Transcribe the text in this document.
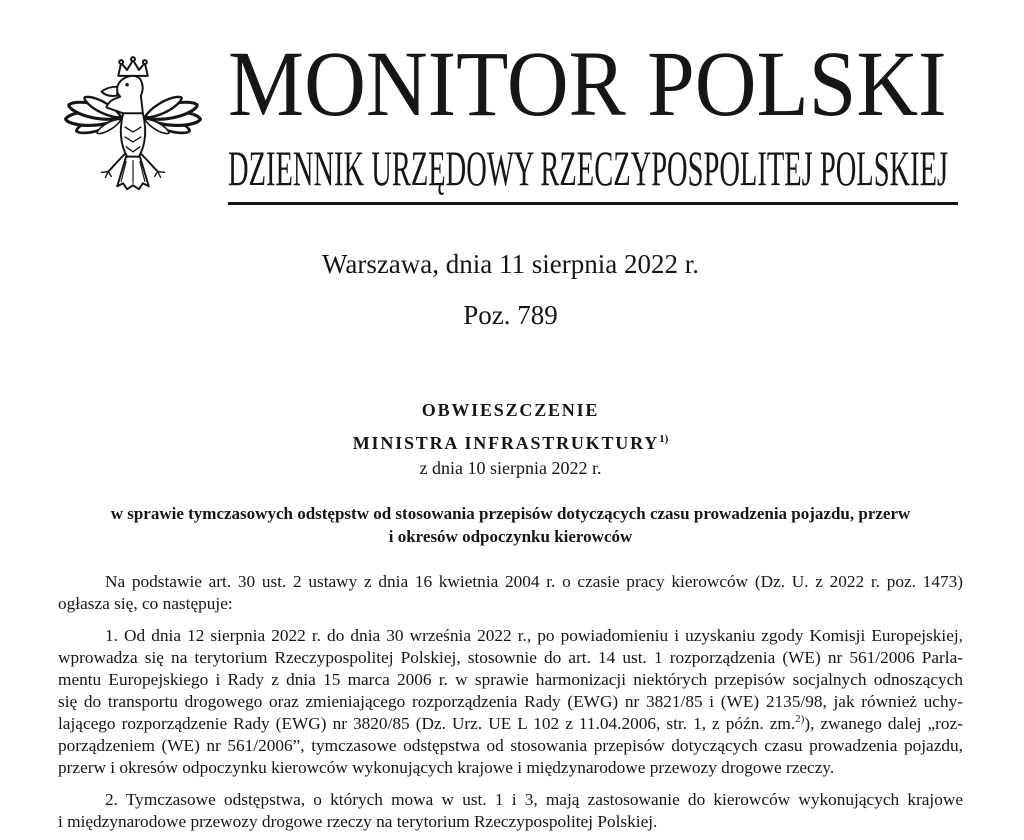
MONITOR POLSKI
DZIENNIK URZĘDOWY RZECZYPOSPOLITEJ POLSKIEJ
Warszawa, dnia 11 sierpnia 2022 r.
Poz. 789
OBWIESZCZENIE
MINISTRA INFRASTRUKTURY$^{1)}$
z dnia 10 sierpnia 2022 r.
w sprawie tymczasowych odstępstw od stosowania przepisów dotyczących czasu prowadzenia pojazdu, przerw
i okresów odpoczynku kierowców
Na podstawie art. 30 ust. 2 ustawy z dnia 16 kwietnia 2004 r. o czasie pracy kierowców (Dz. U. z 2022 r. poz. 1473)
ogłasza się, co następuje:
1. Od dnia 12 sierpnia 2022 r. do dnia 30 września 2022 r., po powiadomieniu i uzyskaniu zgody Komisji Europejskiej,
wprowadza się na terytorium Rzeczypospolitej Polskiej, stosownie do art. 14 ust. 1 rozporządzenia (WE) nr 561/2006 Parla-
mentu Europejskiego i Rady z dnia 15 marca 2006 r. w sprawie harmonizacji niektórych przepisów socjalnych odnoszących
się do transportu drogowego oraz zmieniającego rozporządzenia Rady (EWG) nr 3821/85 i (WE) 2135/98, jak również uchy-
lającego rozporządzenie Rady (EWG) nr 3820/85 (Dz. Urz. UE L 102 z 11.04.2006, str. 1, z późn. zm.$^{2)}$), zwanego dalej „roz-
porządzeniem (WE) nr 561/2006”, tymczasowe odstępstwa od stosowania przepisów dotyczących czasu prowadzenia pojazdu,
przerw i okresów odpoczynku kierowców wykonujących krajowe i międzynarodowe przewozy drogowe rzeczy.
2. Tymczasowe odstępstwa, o których mowa w ust. 1 i 3, mają zastosowanie do kierowców wykonujących krajowe
i międzynarodowe przewozy drogowe rzeczy na terytorium Rzeczypospolitej Polskiej.
